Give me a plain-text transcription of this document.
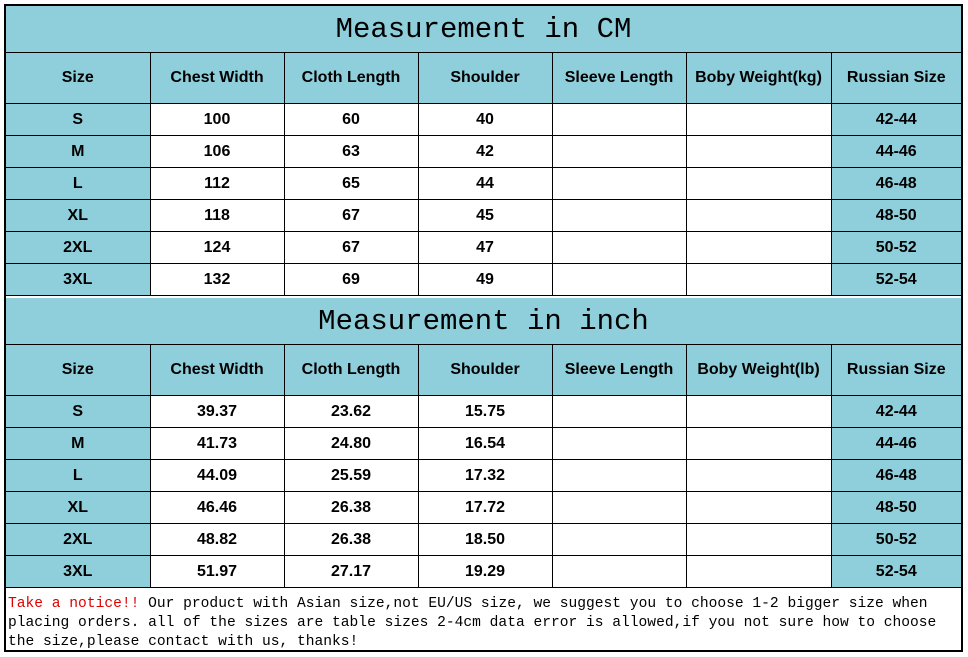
Measurement in CM						
Size	Chest Width	Cloth Length	Shoulder	Sleeve Length	Boby Weight(kg)	Russian Size
S	100	60	40			42-44
M	106	63	42			44-46
L	112	65	44			46-48
XL	118	67	45			48-50
2XL	124	67	47			50-52
3XL	132	69	49			52-54
Measurement in inch						
Size	Chest Width	Cloth Length	Shoulder	Sleeve Length	Boby Weight(lb)	Russian Size
S	39.37	23.62	15.75			42-44
M	41.73	24.80	16.54			44-46
L	44.09	25.59	17.32			46-48
XL	46.46	26.38	17.72			48-50
2XL	48.82	26.38	18.50			50-52
3XL	51.97	27.17	19.29			52-54
Take a notice!! Our product with Asian size,not EU/US size, we suggest you to choose 1-2 bigger size when placing orders. all of the sizes are table sizes 2-4cm data error is allowed,if you not sure how to choose the size,please contact with us, thanks!
